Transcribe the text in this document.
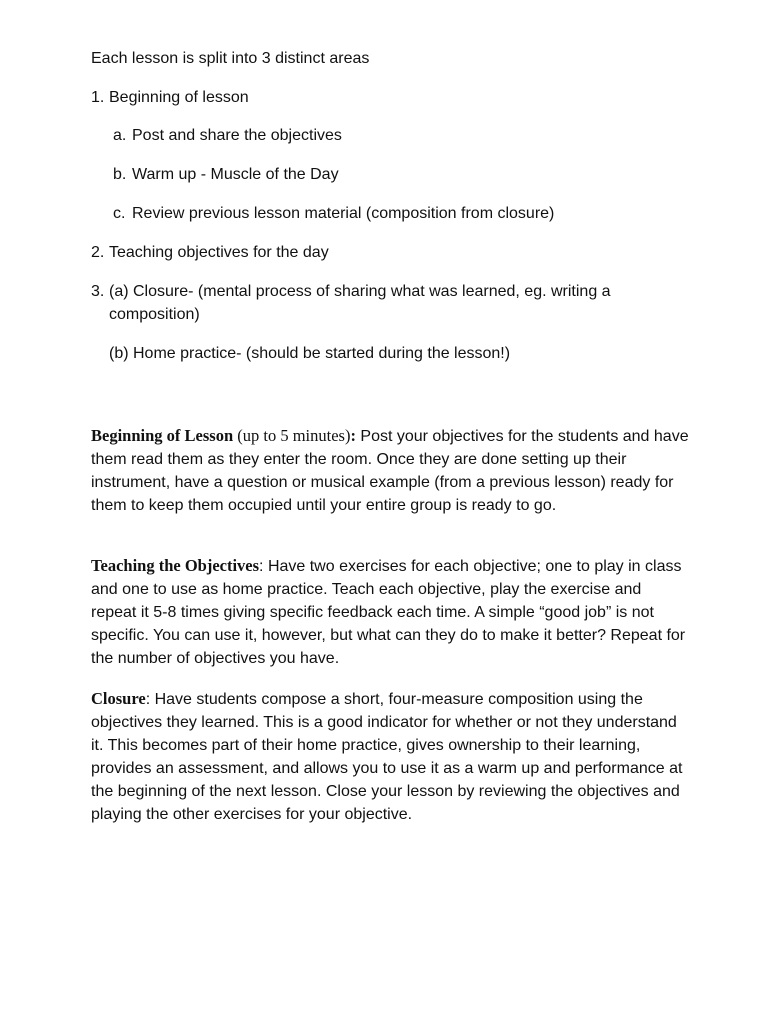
Each lesson is split into 3 distinct areas
1. Beginning of lesson
a. Post and share the objectives
b. Warm up - Muscle of the Day
c. Review previous lesson material (composition from closure)
2. Teaching objectives for the day
3. (a) Closure- (mental process of sharing what was learned, eg. writing a
composition)
(b) Home practice- (should be started during the lesson!)

Beginning of Lesson (up to 5 minutes): Post your objectives for the students and have them read them as they enter the room. Once they are done setting up their instrument, have a question or musical example (from a previous lesson) ready for them to keep them occupied until your entire group is ready to go.

Teaching the Objectives: Have two exercises for each objective; one to play in class and one to use as home practice. Teach each objective, play the exercise and repeat it 5-8 times giving specific feedback each time. A simple “good job” is not specific. You can use it, however, but what can they do to make it better? Repeat for the number of objectives you have.

Closure: Have students compose a short, four-measure composition using the objectives they learned. This is a good indicator for whether or not they understand it. This becomes part of their home practice, gives ownership to their learning, provides an assessment, and allows you to use it as a warm up and performance at the beginning of the next lesson. Close your lesson by reviewing the objectives and playing the other exercises for your objective.
